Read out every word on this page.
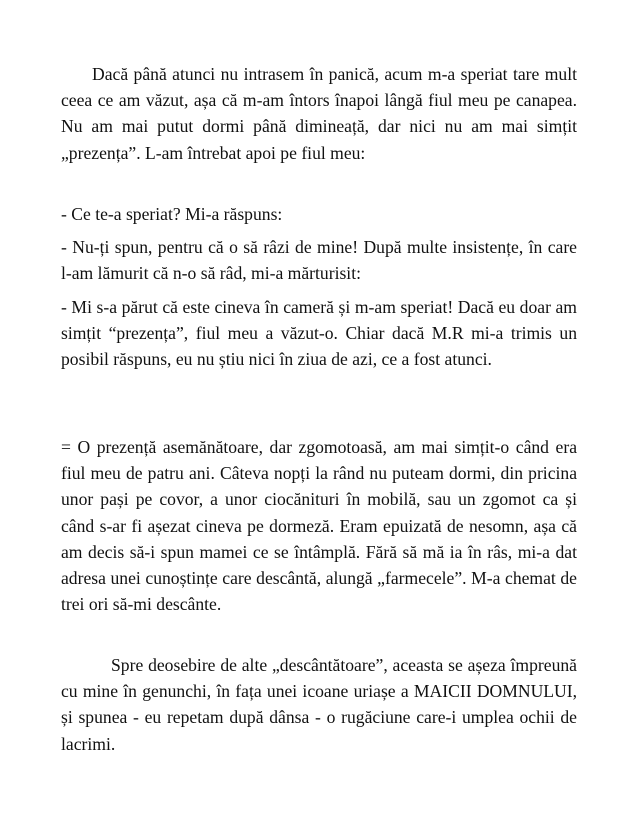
Dacă până atunci nu intrasem în panică, acum m-a speriat tare mult ceea ce am văzut, așa că m-am întors înapoi lângă fiul meu pe canapea. Nu am mai putut dormi până dimineață, dar nici nu am mai simțit „prezența”. L-am întrebat apoi pe fiul meu:

- Ce te-a speriat? Mi-a răspuns:

- Nu-ți spun, pentru că o să râzi de mine! După multe insistențe, în care l-am lămurit că n-o să râd, mi-a mărturisit:

- Mi s-a părut că este cineva în cameră și m-am speriat! Dacă eu doar am simțit “prezența”, fiul meu a văzut-o. Chiar dacă M.R mi-a trimis un posibil răspuns, eu nu știu nici în ziua de azi, ce a fost atunci.

= O prezență asemănătoare, dar zgomotoasă, am mai simțit-o când era fiul meu de patru ani. Câteva nopți la rând nu puteam dormi, din pricina unor pași pe covor, a unor ciocănituri în mobilă, sau un zgomot ca și când s-ar fi așezat cineva pe dormeză. Eram epuizată de nesomn, așa că am decis să-i spun mamei ce se întâmplă. Fără să mă ia în râs, mi-a dat adresa unei cunoștințe care descântă, alungă „farmecele”. M-a chemat de trei ori să-mi descânte.

Spre deosebire de alte „descântătoare”, aceasta se așeza împreună cu mine în genunchi, în fața unei icoane uriașe a MAICII DOMNULUI, și spunea - eu repetam după dânsa - o rugăciune care-i umplea ochii de lacrimi.
